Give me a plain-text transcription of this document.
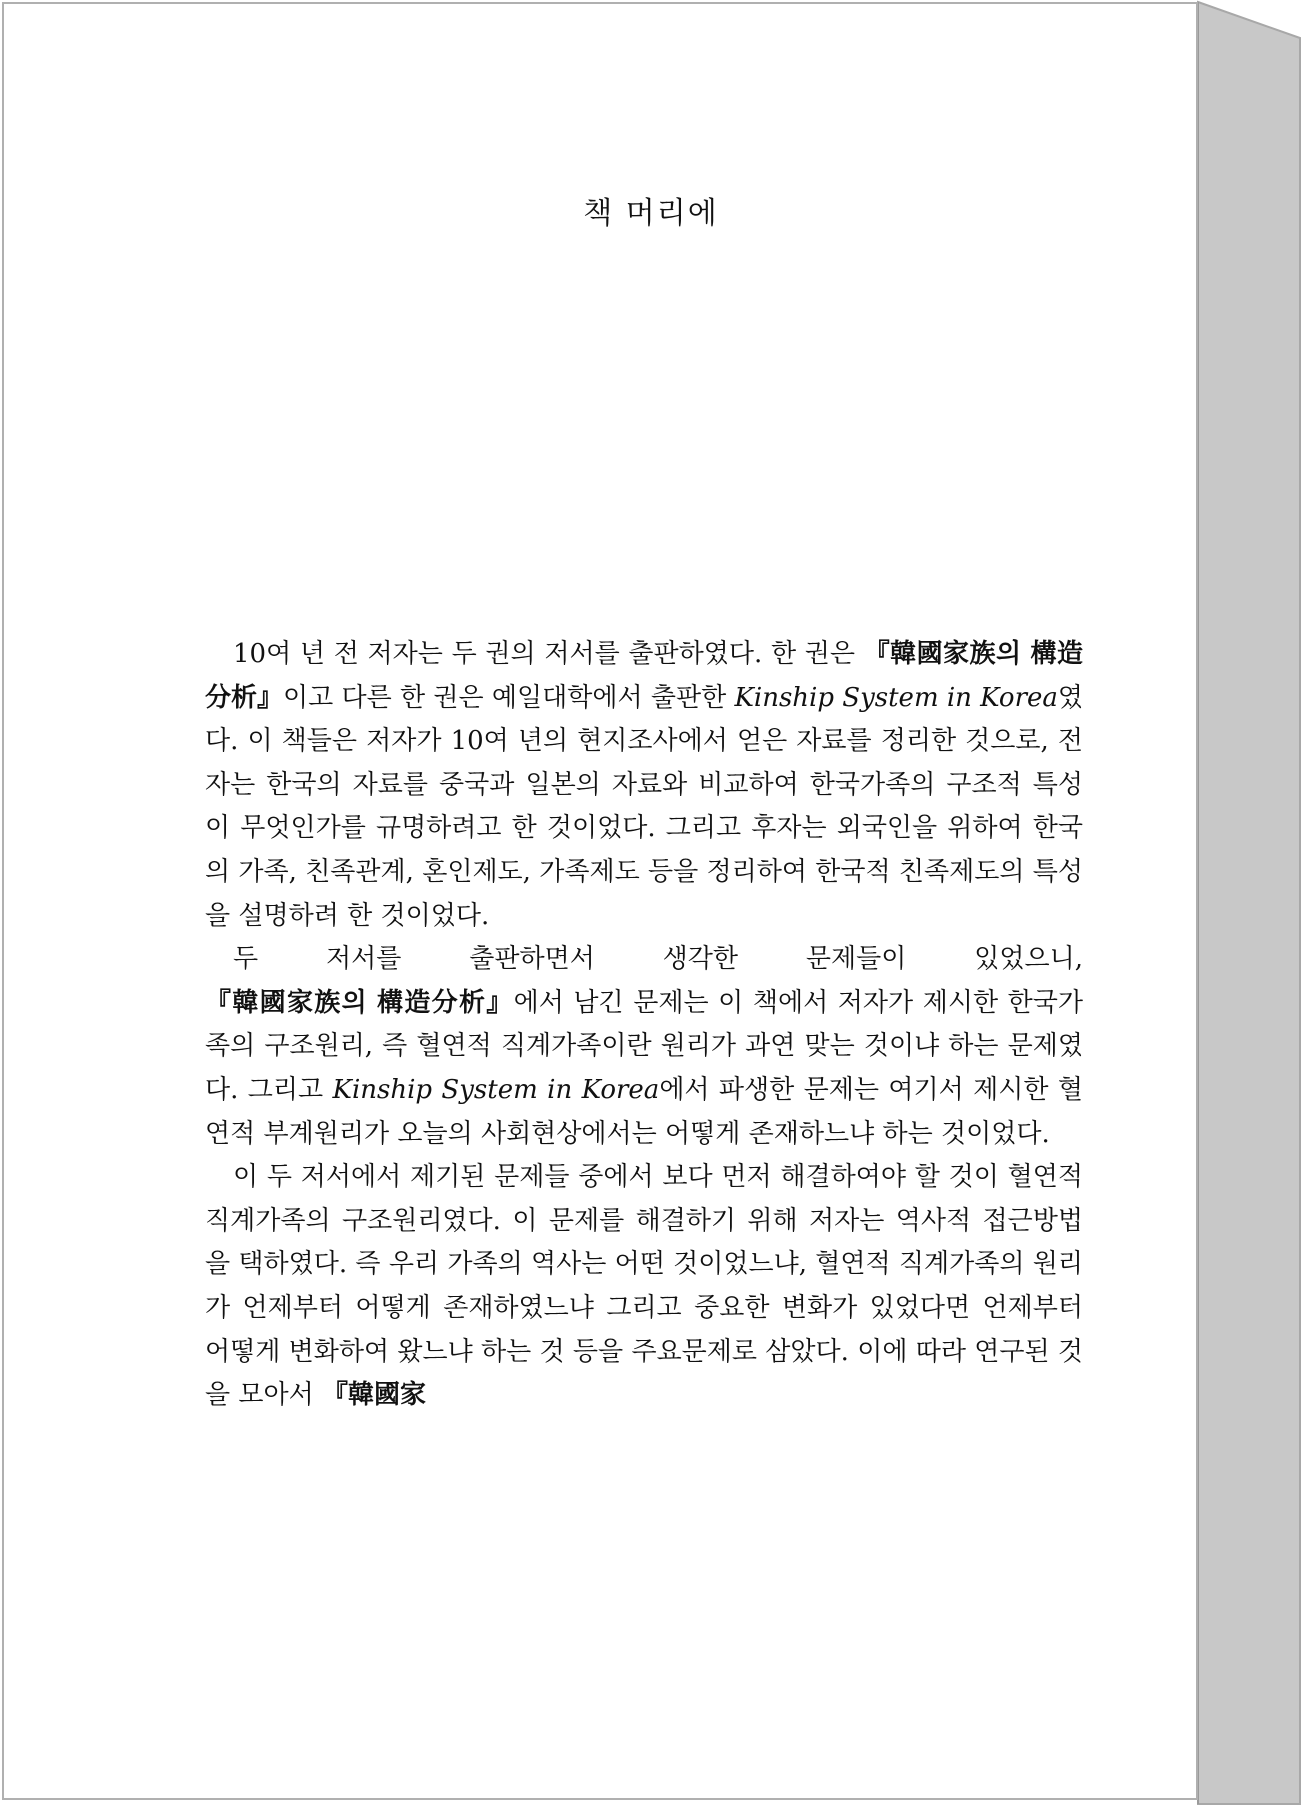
책 머리에

10여 년 전 저자는 두 권의 저서를 출판하였다. 한 권은 『韓國家族의 構造分析』이고 다른 한 권은 예일대학에서 출판한 Kinship System in Korea였다. 이 책들은 저자가 10여 년의 현지조사에서 얻은 자료를 정리한 것으로, 전자는 한국의 자료를 중국과 일본의 자료와 비교하여 한국가족의 구조적 특성이 무엇인가를 규명하려고 한 것이었다. 그리고 후자는 외국인을 위하여 한국의 가족, 친족관계, 혼인제도, 가족제도 등을 정리하여 한국적 친족제도의 특성을 설명하려 한 것이었다.

두 저서를 출판하면서 생각한 문제들이 있었으니, 『韓國家族의 構造分析』에서 남긴 문제는 이 책에서 저자가 제시한 한국가족의 구조원리, 즉 혈연적 직계가족이란 원리가 과연 맞는 것이냐 하는 문제였다. 그리고 Kinship System in Korea에서 파생한 문제는 여기서 제시한 혈연적 부계원리가 오늘의 사회현상에서는 어떻게 존재하느냐 하는 것이었다.

이 두 저서에서 제기된 문제들 중에서 보다 먼저 해결하여야 할 것이 혈연적 직계가족의 구조원리였다. 이 문제를 해결하기 위해 저자는 역사적 접근방법을 택하였다. 즉 우리 가족의 역사는 어떤 것이었느냐, 혈연적 직계가족의 원리가 언제부터 어떻게 존재하였느냐 그리고 중요한 변화가 있었다면 언제부터 어떻게 변화하여 왔느냐 하는 것 등을 주요문제로 삼았다. 이에 따라 연구된 것을 모아서 『韓國家
